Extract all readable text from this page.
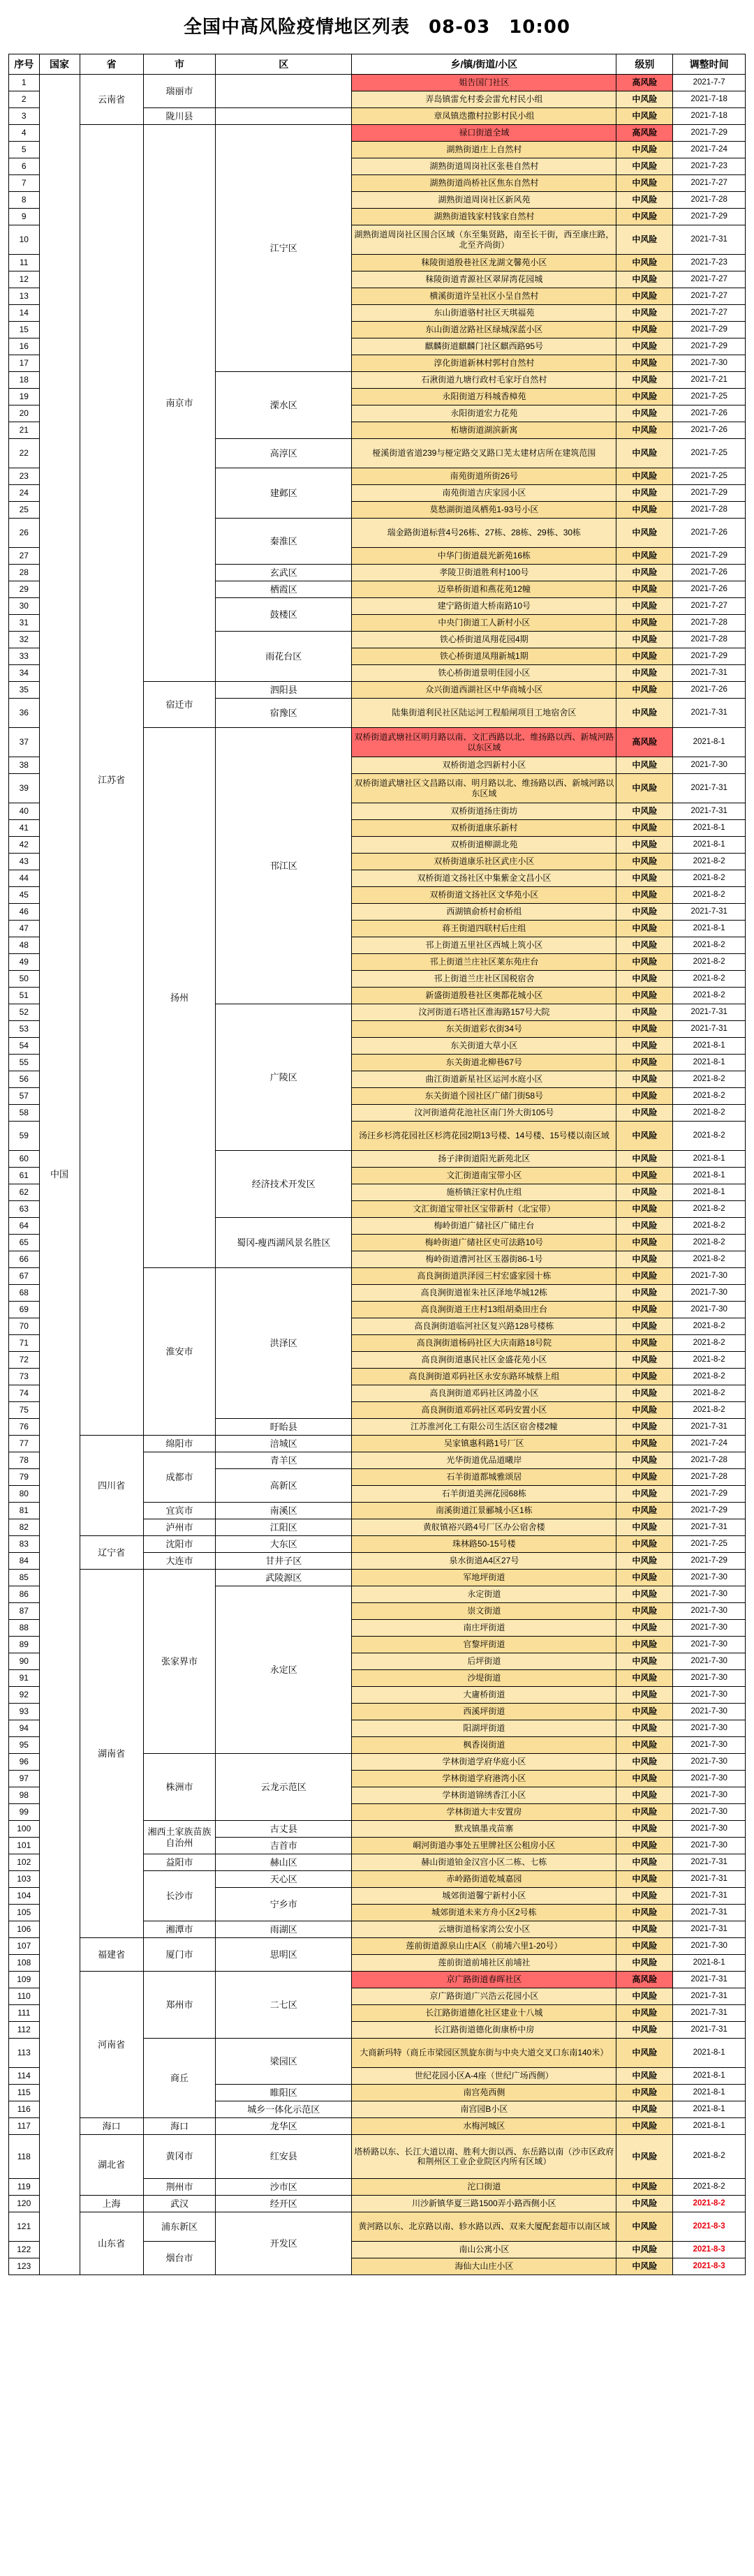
全国中高风险疫情地区列表　08-03　10:00
序号	国家	省	市	区	乡/镇/街道/小区	级别	调整时间
1	中国	云南省	瑞丽市		姐告国门社区	高风险	2021-7-7
2					弄岛镇雷允村委会雷允村民小组	中风险	2021-7-18
3			陇川县		章凤镇迭撒村拉影村民小组	中风险	2021-7-18
4		江苏省	南京市	江宁区	禄口街道全域	高风险	2021-7-29
5					湖熟街道庄上自然村	中风险	2021-7-24
6					湖熟街道周岗社区张巷自然村	中风险	2021-7-23
7					湖熟街道尚桥社区焦东自然村	中风险	2021-7-27
8					湖熟街道周岗社区新风苑	中风险	2021-7-28
9					湖熟街道钱家村钱家自然村	中风险	2021-7-29
10					湖熟街道周岗社区围合区域（东至集贤路，南至长干街，西至康庄路，北至齐尚街）	中风险	2021-7-31
11					秣陵街道殷巷社区龙湖文馨苑小区	中风险	2021-7-23
12					秣陵街道青源社区翠屏湾花园城	中风险	2021-7-27
13					横溪街道许呈社区小呈自然村	中风险	2021-7-27
14					东山街道骆村社区天琪福苑	中风险	2021-7-27
15					东山街道岔路社区绿城深蓝小区	中风险	2021-7-29
16					麒麟街道麒麟门社区麒西路95号	中风险	2021-7-29
17					淳化街道新林村郭村自然村	中风险	2021-7-30
18				溧水区	石湫街道九塘行政村毛家圩自然村	中风险	2021-7-21
19					永阳街道万科城香樟苑	中风险	2021-7-25
20					永阳街道宏力花苑	中风险	2021-7-26
21					柘塘街道湖滨新寓	中风险	2021-7-26
22				高淳区	桠溪街道省道239与桠定路交叉路口芜太建材店所在建筑范围	中风险	2021-7-25
23				建邺区	南苑街道所街26号	中风险	2021-7-25
24					南苑街道吉庆家园小区	中风险	2021-7-29
25					莫愁湖街道凤栖苑1-93号小区	中风险	2021-7-28
26				秦淮区	瑞金路街道标营4号26栋、27栋、28栋、29栋、30栋	中风险	2021-7-26
27					中华门街道晨光新苑16栋	中风险	2021-7-29
28				玄武区	孝陵卫街道胜利村100号	中风险	2021-7-26
29				栖霞区	迈皋桥街道和燕花苑12幢	中风险	2021-7-26
30				鼓楼区	建宁路街道大桥南路10号	中风险	2021-7-27
31					中央门街道工人新村小区	中风险	2021-7-28
32				雨花台区	铁心桥街道凤翔花园4期	中风险	2021-7-28
33					铁心桥街道凤翔新城1期	中风险	2021-7-29
34					铁心桥街道景明佳园小区	中风险	2021-7-31
35			宿迁市	泗阳县	众兴街道西湖社区中华商城小区	中风险	2021-7-26
36				宿豫区	陆集街道利民社区陆运河工程船闸项目工地宿舍区	中风险	2021-7-31
37			扬州	邗江区	双桥街道武塘社区明月路以南、文汇西路以北、维扬路以西、新城河路以东区域	高风险	2021-8-1
38					双桥街道念四新村小区	中风险	2021-7-30
39					双桥街道武塘社区文昌路以南、明月路以北、维扬路以西、新城河路以东区域	中风险	2021-7-31
40					双桥街道扬庄街坊	中风险	2021-7-31
41					双桥街道康乐新村	中风险	2021-8-1
42					双桥街道柳湖北苑	中风险	2021-8-1
43					双桥街道康乐社区武庄小区	中风险	2021-8-2
44					双桥街道文扬社区中集紫金文昌小区	中风险	2021-8-2
45					双桥街道文扬社区文华苑小区	中风险	2021-8-2
46					西湖镇俞桥村俞桥组	中风险	2021-7-31
47					蒋王街道四联村后庄组	中风险	2021-8-1
48					邗上街道五里社区西城上筑小区	中风险	2021-8-2
49					邗上街道兰庄社区莱东苑庄台	中风险	2021-8-2
50					邗上街道兰庄社区国税宿舍	中风险	2021-8-2
51					新盛街道殷巷社区奥都花城小区	中风险	2021-8-2
52				广陵区	汶河街道石塔社区淮海路157号大院	中风险	2021-7-31
53					东关街道彩衣街34号	中风险	2021-7-31
54					东关街道大草小区	中风险	2021-8-1
55					东关街道北柳巷67号	中风险	2021-8-1
56					曲江街道新星社区运河水庭小区	中风险	2021-8-2
57					东关街道个园社区广储门街58号	中风险	2021-8-2
58					汶河街道荷花池社区南门外大街105号	中风险	2021-8-2
59					汤汪乡杉湾花园社区杉湾花园2期13号楼、14号楼、15号楼以南区域	中风险	2021-8-2
60				经济技术开发区	扬子津街道阳光新苑北区	中风险	2021-8-1
61					文汇街道南宝带小区	中风险	2021-8-1
62					施桥镇汪家村仇庄组	中风险	2021-8-1
63					文汇街道宝带社区宝带新村（北宝带）	中风险	2021-8-2
64				蜀冈-瘦西湖风景名胜区	梅岭街道广储社区广储庄台	中风险	2021-8-2
65					梅岭街道广储社区史可法路10号	中风险	2021-8-2
66					梅岭街道漕河社区玉器街86-1号	中风险	2021-8-2
67			淮安市	洪泽区	高良涧街道洪泽园三村宏盛家园十栋	中风险	2021-7-30
68					高良涧街道崔朱社区泽地华城12栋	中风险	2021-7-30
69					高良涧街道王庄村13组胡桑田庄台	中风险	2021-7-30
70					高良涧街道临河社区复兴路128号楼栋	中风险	2021-8-2
71					高良涧街道杨码社区大庆南路18号院	中风险	2021-8-2
72					高良涧街道惠民社区金盛花苑小区	中风险	2021-8-2
73					高良涧街道邓码社区永安东路环城蔡上组	中风险	2021-8-2
74					高良涧街道邓码社区鸿盈小区	中风险	2021-8-2
75					高良涧街道邓码社区邓码安置小区	中风险	2021-8-2
76				盱眙县	江苏淮河化工有限公司生活区宿舍楼2幢	中风险	2021-7-31
77		四川省	绵阳市	涪城区	吴家镇惠科路1号厂区	中风险	2021-7-24
78			成都市	青羊区	光华街道优品道曦岸	中风险	2021-7-28
79				高新区	石羊街道都城雅颂居	中风险	2021-7-28
80					石羊街道美洲花园68栋	中风险	2021-7-29
81			宜宾市	南溪区	南溪街道江景郦城小区1栋	中风险	2021-7-29
82			泸州市	江阳区	黄舣镇裕兴路4号厂区办公宿舍楼	中风险	2021-7-31
83		辽宁省	沈阳市	大东区	珠林路50-15号楼	中风险	2021-7-25
84			大连市	甘井子区	泉水街道A4区27号	中风险	2021-7-29
85		湖南省	张家界市	武陵源区	军地坪街道	中风险	2021-7-30
86				永定区	永定街道	中风险	2021-7-30
87					崇文街道	中风险	2021-7-30
88					南庄坪街道	中风险	2021-7-30
89					官黎坪街道	中风险	2021-7-30
90					后坪街道	中风险	2021-7-30
91					沙堤街道	中风险	2021-7-30
92					大庸桥街道	中风险	2021-7-30
93					西溪坪街道	中风险	2021-7-30
94					阳湖坪街道	中风险	2021-7-30
95					枫香岗街道	中风险	2021-7-30
96			株洲市	云龙示范区	学林街道学府华庭小区	中风险	2021-7-30
97					学林街道学府港湾小区	中风险	2021-7-30
98					学林街道锦绣香江小区	中风险	2021-7-30
99					学林街道大丰安置房	中风险	2021-7-30
100			湘西土家族苗族自治州	古丈县	默戎镇墨戎苗寨	中风险	2021-7-30
101				吉首市	峒河街道办事处五里牌社区公租房小区	中风险	2021-7-30
102			益阳市	赫山区	赫山街道铂金汉宫小区二栋、七栋	中风险	2021-7-31
103			长沙市	天心区	赤岭路街道乾城嘉园	中风险	2021-7-31
104				宁乡市	城郊街道馨宁新村小区	中风险	2021-7-31
105					城郊街道未来方舟小区2号栋	中风险	2021-7-31
106			湘潭市	雨湖区	云塘街道杨家湾公安小区	中风险	2021-7-31
107		福建省	厦门市	思明区	莲前街道源泉山庄A区（前埔六里1-20号）	中风险	2021-7-30
108					莲前街道前埔社区前埔社	中风险	2021-8-1
109		河南省	郑州市	二七区	京广路街道春晖社区	高风险	2021-7-31
110					京广路街道广兴浩云花园小区	中风险	2021-7-31
111					长江路街道德化社区建业十八城	中风险	2021-7-31
112					长江路街道德化街康桥中房	中风险	2021-7-31
113			商丘	梁园区	大商新玛特（商丘市梁园区凯旋东街与中央大道交叉口东南140米）	中风险	2021-8-1
114					世纪花园小区A-4座（世纪广场西侧）	中风险	2021-8-1
115				睢阳区	南宫苑西侧	中风险	2021-8-1
116				城乡一体化示范区	南宫园B小区	中风险	2021-8-1
117		海口	海口	龙华区	水梅河城区	中风险	2021-8-1
118		湖北省	黄冈市	红安县	塔桥路以东、长江大道以南、胜利大街以西、东岳路以南（沙市区政府和荆州区工业企业院区内所有区域）	中风险	2021-8-2
119			荆州市	沙市区	沱口街道	中风险	2021-8-2
120		上海	武汉	经开区	川沙新镇华夏三路1500弄小路西侧小区	中风险	2021-8-2
121		山东省	浦东新区	开发区	黄河路以东、北京路以南、轸水路以西、双来大厦配套超市以南区域	中风险	2021-8-3
122			烟台市		南山公寓小区	中风险	2021-8-3
123					海仙大山庄小区	中风险	2021-8-3
